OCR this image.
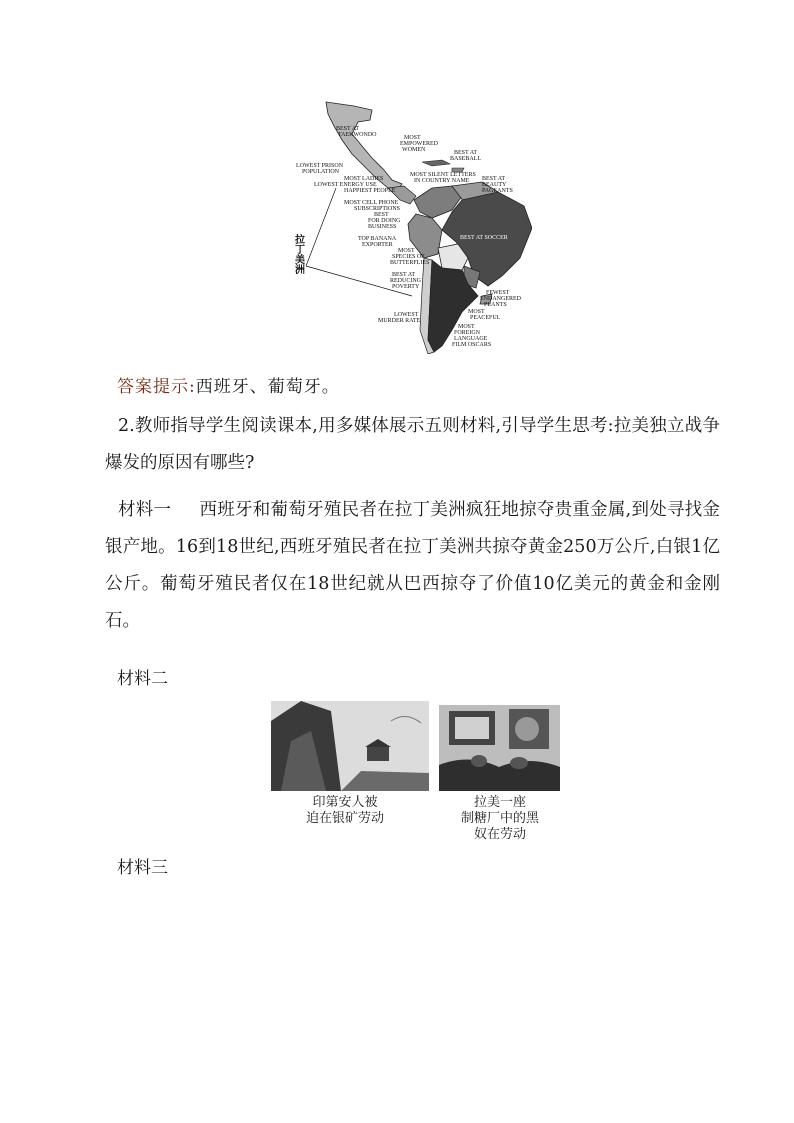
BEST AT
TAEKWONDO	MOST
EMPOWERED
WOMEN	BEST AT
BASEBALL
LOWEST PRISON
POPULATION
MOST LADIES
LOWEST ENERGY USE
HAPPIEST PEOPLE
MOST SILENT LETTERS
IN COUNTRY NAME BEST AT
BEAUTY
PAGEANTS
MOST CELL PHONE
SUBSCRIPTIONS
BEST
FOR DOING
BUSINESS
TOP BANANA
EXPORTER
BEST AT SOCCER
MOST
SPECIES OF
BUTTERFLIES
BEST AT
REDUCING
POVERTY
FEWEST
ENDANGERED
PLANTS
MOST
PEACEFUL
LOWEST
MURDER RATE
MOST
FOREIGN
LANGUAGE
FILM OSCARS
拉丁美洲
答案提示:西班牙、葡萄牙。
2.教师指导学生阅读课本,用多媒体展示五则材料,引导学生思考:拉美独立战争爆发的原因有哪些?
材料一 西班牙和葡萄牙殖民者在拉丁美洲疯狂地掠夺贵重金属,到处寻找金银产地。16到18世纪,西班牙殖民者在拉丁美洲共掠夺黄金250万公斤,白银1亿公斤。葡萄牙殖民者仅在18世纪就从巴西掠夺了价值10亿美元的黄金和金刚石。
材料二
印第安人被
迫在银矿劳动
拉美一座
制糖厂中的黑
奴在劳动
材料三
